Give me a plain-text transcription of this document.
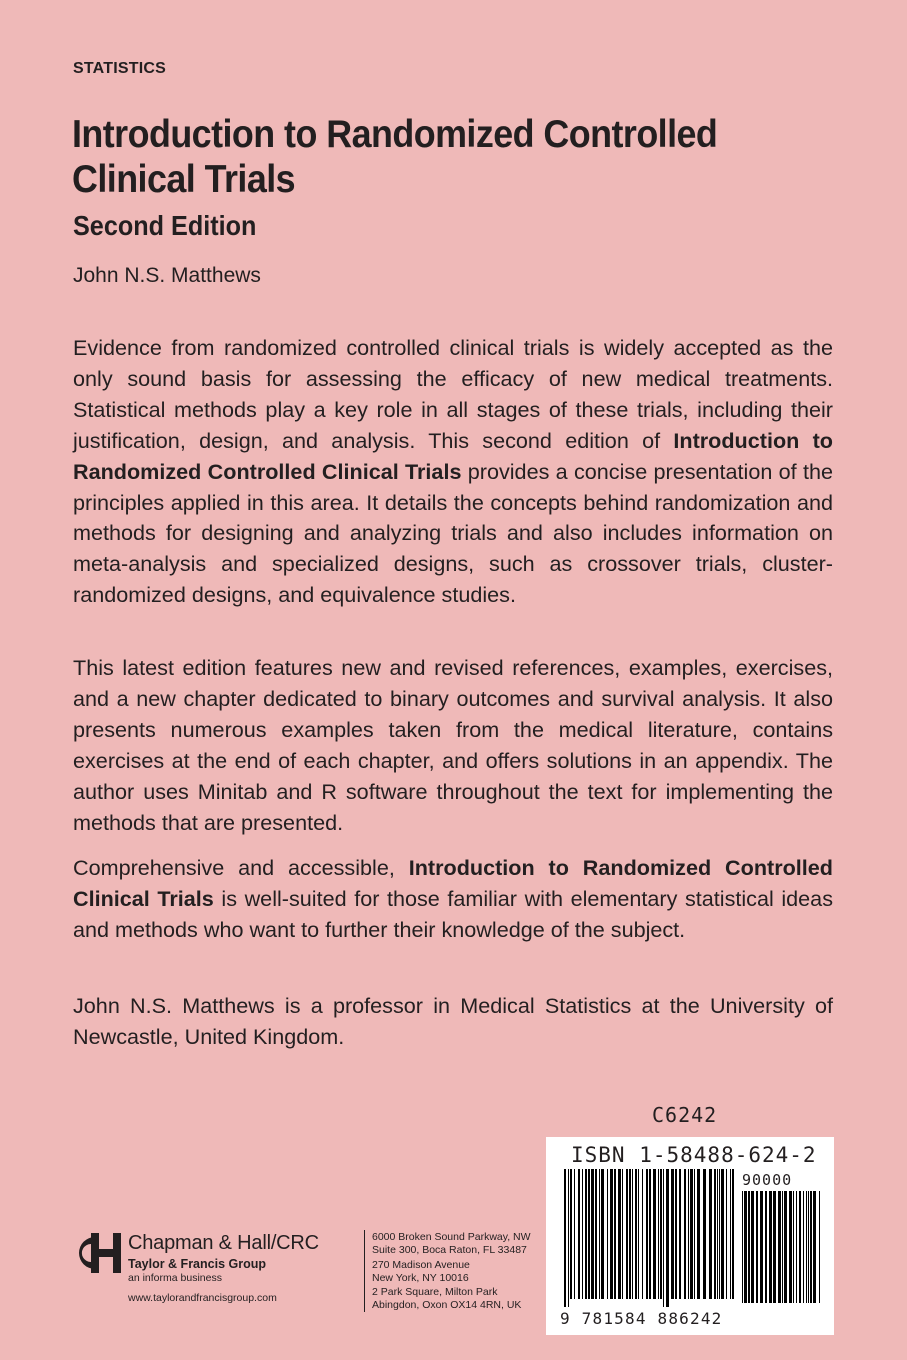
STATISTICS
Introduction to Randomized Controlled Clinical Trials
Second Edition
John N.S. Matthews

Evidence from randomized controlled clinical trials is widely accepted as the only sound basis for assessing the efficacy of new medical treatments. Statistical methods play a key role in all stages of these trials, including their justification, design, and analysis. This second edition of Introduction to Randomized Controlled Clinical Trials provides a concise presentation of the principles applied in this area. It details the concepts behind randomization and methods for designing and analyzing trials and also includes information on meta-analysis and specialized designs, such as crossover trials, cluster-randomized designs, and equivalence studies.

This latest edition features new and revised references, examples, exercises, and a new chapter dedicated to binary outcomes and survival analysis. It also presents numerous examples taken from the medical literature, contains exercises at the end of each chapter, and offers solutions in an appendix. The author uses Minitab and R software throughout the text for implementing the methods that are presented.

Comprehensive and accessible, Introduction to Randomized Controlled Clinical Trials is well-suited for those familiar with elementary statistical ideas and methods who want to further their knowledge of the subject.

John N.S. Matthews is a professor in Medical Statistics at the University of Newcastle, United Kingdom.

C6242
ISBN 1-58488-624-2
90000
9 781584 886242
Chapman & Hall/CRC
Taylor & Francis Group
an informa business
www.taylorandfrancisgroup.com
6000 Broken Sound Parkway, NW
Suite 300, Boca Raton, FL 33487
270 Madison Avenue
New York, NY 10016
2 Park Square, Milton Park
Abingdon, Oxon OX14 4RN, UK
